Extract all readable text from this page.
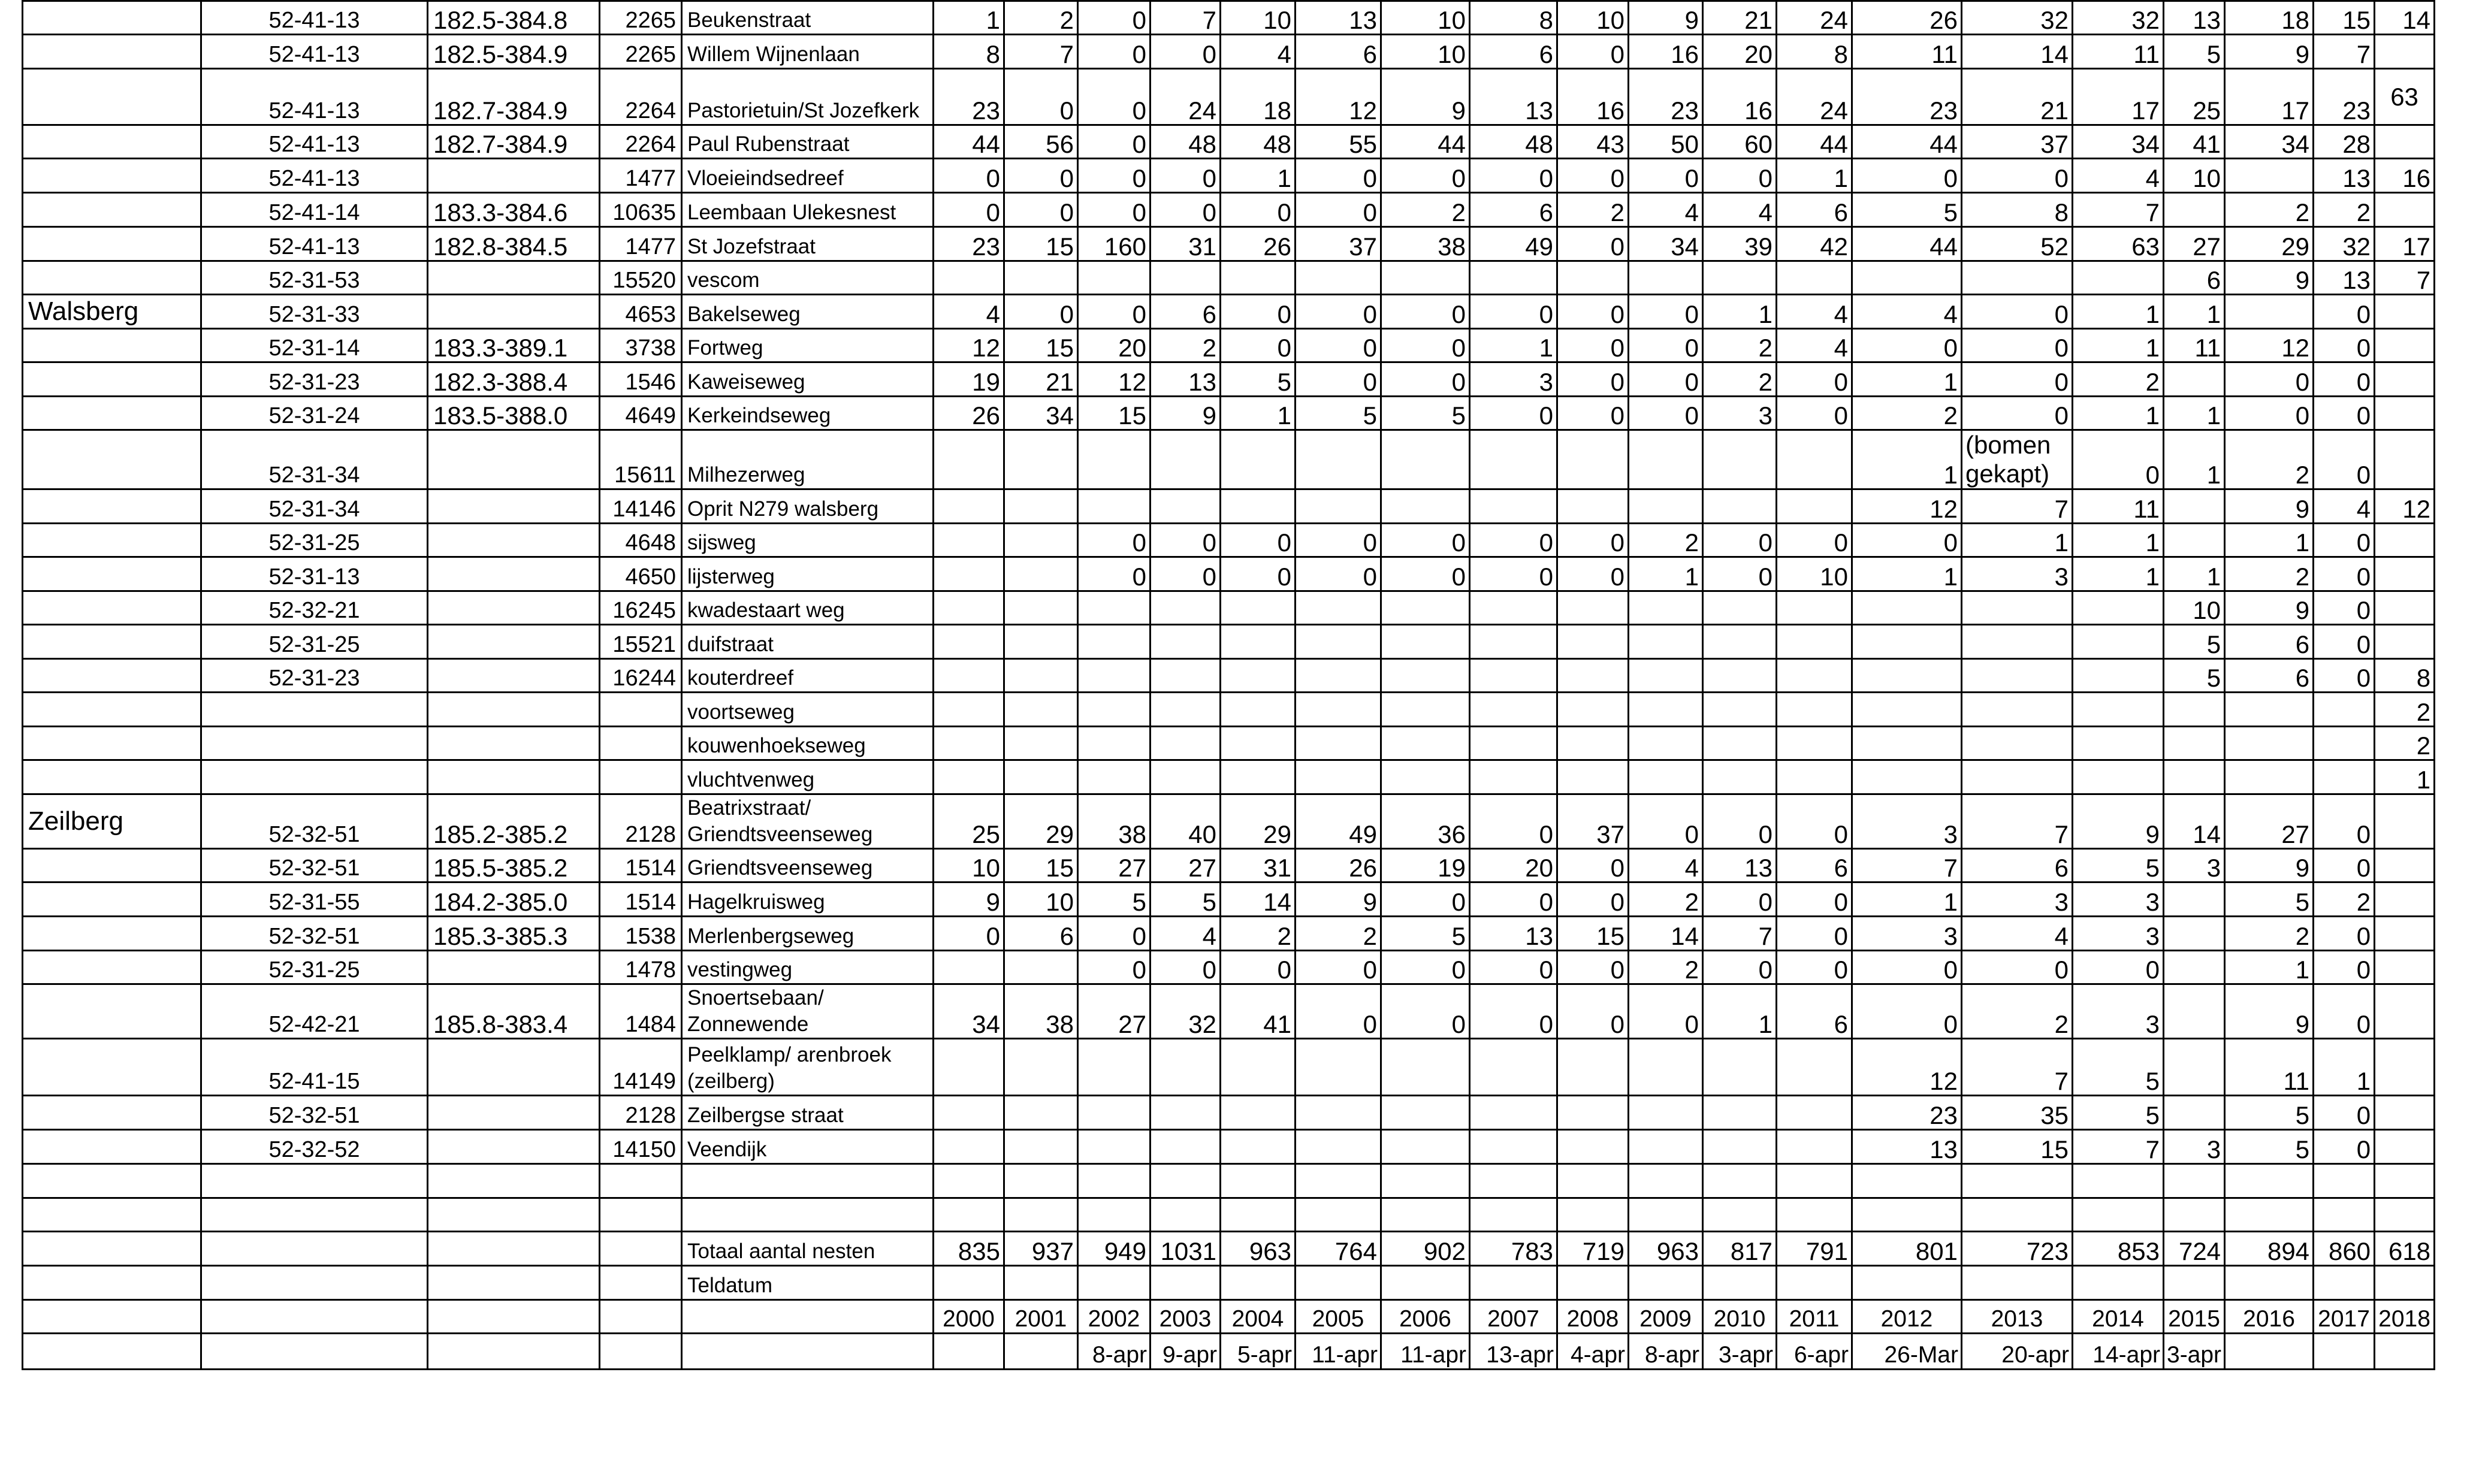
	52-41-13	182.5-384.8	2265	Beukenstraat	1	2	0	7	10	13	10	8	10	9	21	24	26	32	32	13	18	15	14
	52-41-13	182.5-384.9	2265	Willem Wijnenlaan	8	7	0	0	4	6	10	6	0	16	20	8	11	14	11	5	9	7	
	52-41-13	182.7-384.9	2264	Pastorietuin/St Jozefkerk	23	0	0	24	18	12	9	13	16	23	16	24	23	21	17	25	17	23	63
	52-41-13	182.7-384.9	2264	Paul Rubenstraat	44	56	0	48	48	55	44	48	43	50	60	44	44	37	34	41	34	28	
	52-41-13		1477	Vloeieindsedreef	0	0	0	0	1	0	0	0	0	0	0	1	0	0	4	10		13	16
	52-41-14	183.3-384.6	10635	Leembaan Ulekesnest	0	0	0	0	0	0	2	6	2	4	4	6	5	8	7		2	2	
	52-41-13	182.8-384.5	1477	St Jozefstraat	23	15	160	31	26	37	38	49	0	34	39	42	44	52	63	27	29	32	17
	52-31-53		15520	vescom																6	9	13	7
Walsberg	52-31-33		4653	Bakelseweg	4	0	0	6	0	0	0	0	0	0	1	4	4	0	1	1		0	
	52-31-14	183.3-389.1	3738	Fortweg	12	15	20	2	0	0	0	1	0	0	2	4	0	0	1	11	12	0	
	52-31-23	182.3-388.4	1546	Kaweiseweg	19	21	12	13	5	0	0	3	0	0	2	0	1	0	2		0	0	
	52-31-24	183.5-388.0	4649	Kerkeindseweg	26	34	15	9	1	5	5	0	0	0	3	0	2	0	1	1	0	0	
	52-31-34		15611	Milhezerweg													1	(bomen gekapt)	0	1	2	0	
	52-31-34		14146	Oprit N279 walsberg													12	7	11		9	4	12
	52-31-25		4648	sijsweg			0	0	0	0	0	0	0	2	0	0	0	1	1		1	0	
	52-31-13		4650	lijsterweg			0	0	0	0	0	0	0	1	0	10	1	3	1	1	2	0	
	52-32-21		16245	kwadestaart weg																10	9	0	
	52-31-25		15521	duifstraat																5	6	0	
	52-31-23		16244	kouterdreef																5	6	0	8
				voortseweg																			2
				kouwenhoekseweg																			2
				vluchtvenweg																			1
Zeilberg	52-32-51	185.2-385.2	2128	Beatrixstraat/ Griendtsveenseweg	25	29	38	40	29	49	36	0	37	0	0	0	3	7	9	14	27	0	
	52-32-51	185.5-385.2	1514	Griendtsveenseweg	10	15	27	27	31	26	19	20	0	4	13	6	7	6	5	3	9	0	
	52-31-55	184.2-385.0	1514	Hagelkruisweg	9	10	5	5	14	9	0	0	0	2	0	0	1	3	3		5	2	
	52-32-51	185.3-385.3	1538	Merlenbergseweg	0	6	0	4	2	2	5	13	15	14	7	0	3	4	3		2	0	
	52-31-25		1478	vestingweg			0	0	0	0	0	0	0	2	0	0	0	0	0		1	0	
	52-42-21	185.8-383.4	1484	Snoertsebaan/ Zonnewende	34	38	27	32	41	0	0	0	0	0	1	6	0	2	3		9	0	
	52-41-15		14149	Peelklamp/ arenbroek (zeilberg)													12	7	5		11	1	
	52-32-51		2128	Zeilbergse straat													23	35	5		5	0	
	52-32-52		14150	Veendijk													13	15	7	3	5	0	

				Totaal aantal nesten	835	937	949	1031	963	764	902	783	719	963	817	791	801	723	853	724	894	860	618
				Teldatum																			
					2000	2001	2002	2003	2004	2005	2006	2007	2008	2009	2010	2011	2012	2013	2014	2015	2016	2017	2018
							8-apr	9-apr	5-apr	11-apr	11-apr	13-apr	4-apr	8-apr	3-apr	6-apr	26-Mar	20-apr	14-apr	3-apr			
